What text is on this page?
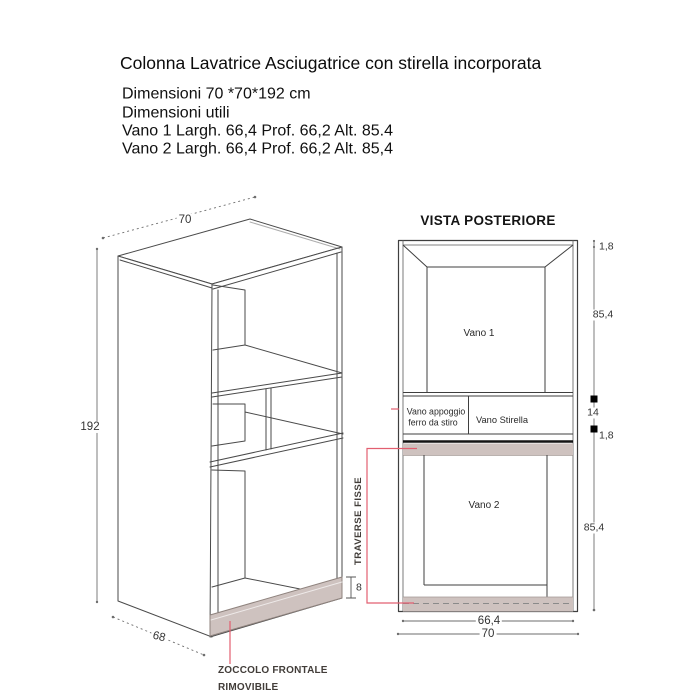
Colonna Lavatrice Asciugatrice con stirella incorporata
Dimensioni 70 *70*192 cm
Dimensioni utili
Vano 1 Largh. 66,4 Prof. 66,2 Alt. 85.4
Vano 2 Largh. 66,4 Prof. 66,2 Alt. 85,4
VISTA POSTERIORE
Vano 1
Vano appoggio
ferro da stiro Vano Stirella
Vano 2
1,8
85,4
14
1,8
85,4
66,4
70
70
192
68
8
TRAVERSE FISSE
ZOCCOLO FRONTALE
RIMOVIBILE
